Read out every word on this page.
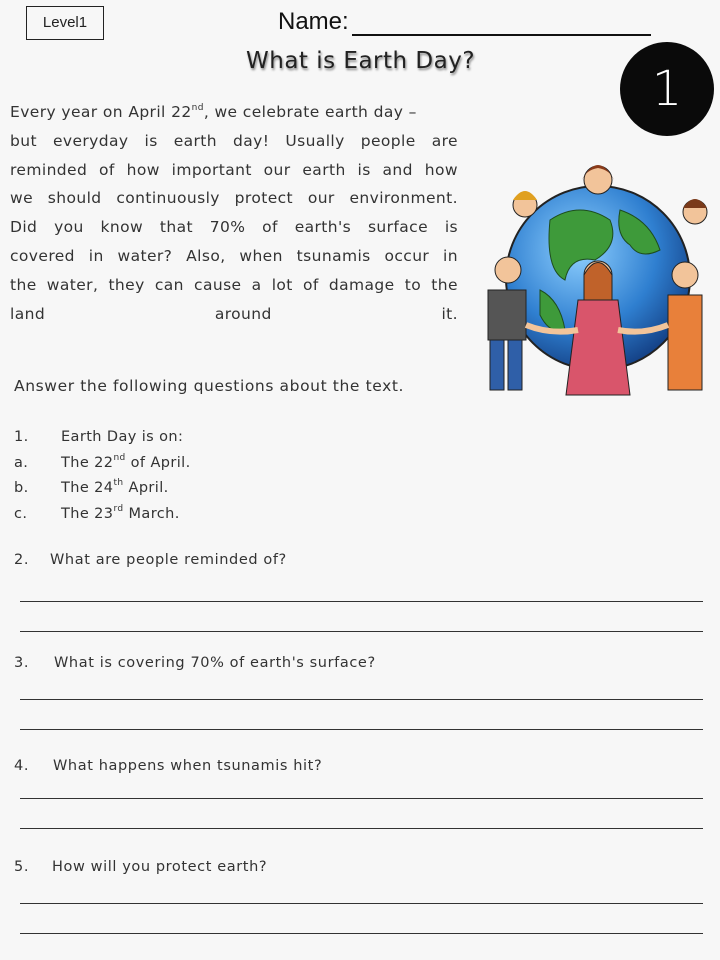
Level1	Name:
What is Earth Day?	1
Every year on April 22nd, we celebrate earth day –
but everyday is earth day! Usually people are
reminded of how important our earth is and how
we should continuously protect our environment.
Did you know that 70% of earth's surface is
covered in water? Also, when tsunamis occur in
the water, they can cause a lot of damage to the
land around it.
Answer the following questions about the text.
1. Earth Day is on:
a. The 22nd of April.
b. The 24th April.
c. The 23rd March.
2. What are people reminded of?
3. What is covering 70% of earth's surface?
4. What happens when tsunamis hit?
5. How will you protect earth?
